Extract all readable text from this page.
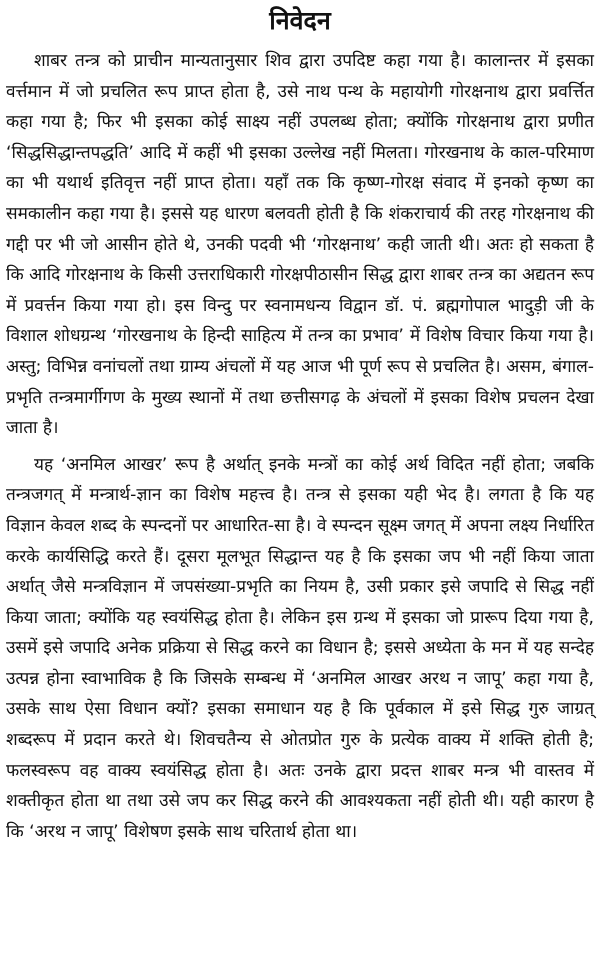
निवेदन

शाबर तन्त्र को प्राचीन मान्यतानुसार शिव द्वारा उपदिष्ट कहा गया है। कालान्तर में इसका वर्त्तमान में जो प्रचलित रूप प्राप्त होता है, उसे नाथ पन्थ के महायोगी गोरक्षनाथ द्वारा प्रवर्त्तित कहा गया है; फिर भी इसका कोई साक्ष्य नहीं उपलब्ध होता; क्योंकि गोरक्षनाथ द्वारा प्रणीत ‘सिद्धसिद्धान्तपद्धति’ आदि में कहीं भी इसका उल्लेख नहीं मिलता। गोरखनाथ के काल-परिमाण का भी यथार्थ इतिवृत्त नहीं प्राप्त होता। यहाँ तक कि कृष्ण-गोरक्ष संवाद में इनको कृष्ण का समकालीन कहा गया है। इससे यह धारण बलवती होती है कि शंकराचार्य की तरह गोरक्षनाथ की गद्दी पर भी जो आसीन होते थे, उनकी पदवी भी ‘गोरक्षनाथ’ कही जाती थी। अतः हो सकता है कि आदि गोरक्षनाथ के किसी उत्तराधिकारी गोरक्षपीठासीन सिद्ध द्वारा शाबर तन्त्र का अद्यतन रूप में प्रवर्त्तन किया गया हो। इस विन्दु पर स्वनामधन्य विद्वान डॉ. पं. ब्रह्मगोपाल भादुड़ी जी के विशाल शोधग्रन्थ ‘गोरखनाथ के हिन्दी साहित्य में तन्त्र का प्रभाव’ में विशेष विचार किया गया है। अस्तु; विभिन्न वनांचलों तथा ग्राम्य अंचलों में यह आज भी पूर्ण रूप से प्रचलित है। असम, बंगाल-प्रभृति तन्त्रमार्गीगण के मुख्य स्थानों में तथा छत्तीसगढ़ के अंचलों में इसका विशेष प्रचलन देखा जाता है।

यह ‘अनमिल आखर’ रूप है अर्थात् इनके मन्त्रों का कोई अर्थ विदित नहीं होता; जबकि तन्त्रजगत् में मन्त्रार्थ-ज्ञान का विशेष महत्त्व है। तन्त्र से इसका यही भेद है। लगता है कि यह विज्ञान केवल शब्द के स्पन्दनों पर आधारित-सा है। वे स्पन्दन सूक्ष्म जगत् में अपना लक्ष्य निर्धारित करके कार्यसिद्धि करते हैं। दूसरा मूलभूत सिद्धान्त यह है कि इसका जप भी नहीं किया जाता अर्थात् जैसे मन्त्रविज्ञान में जपसंख्या-प्रभृति का नियम है, उसी प्रकार इसे जपादि से सिद्ध नहीं किया जाता; क्योंकि यह स्वयंसिद्ध होता है। लेकिन इस ग्रन्थ में इसका जो प्रारूप दिया गया है, उसमें इसे जपादि अनेक प्रक्रिया से सिद्ध करने का विधान है; इससे अध्येता के मन में यह सन्देह उत्पन्न होना स्वाभाविक है कि जिसके सम्बन्ध में ‘अनमिल आखर अरथ न जापू’ कहा गया है, उसके साथ ऐसा विधान क्यों? इसका समाधान यह है कि पूर्वकाल में इसे सिद्ध गुरु जाग्रत् शब्दरूप में प्रदान करते थे। शिवचतैन्य से ओतप्रोत गुरु के प्रत्येक वाक्य में शक्ति होती है; फलस्वरूप वह वाक्य स्वयंसिद्ध होता है। अतः उनके द्वारा प्रदत्त शाबर मन्त्र भी वास्तव में शक्तीकृत होता था तथा उसे जप कर सिद्ध करने की आवश्यकता नहीं होती थी। यही कारण है कि ‘अरथ न जापू’ विशेषण इसके साथ चरितार्थ होता था।
